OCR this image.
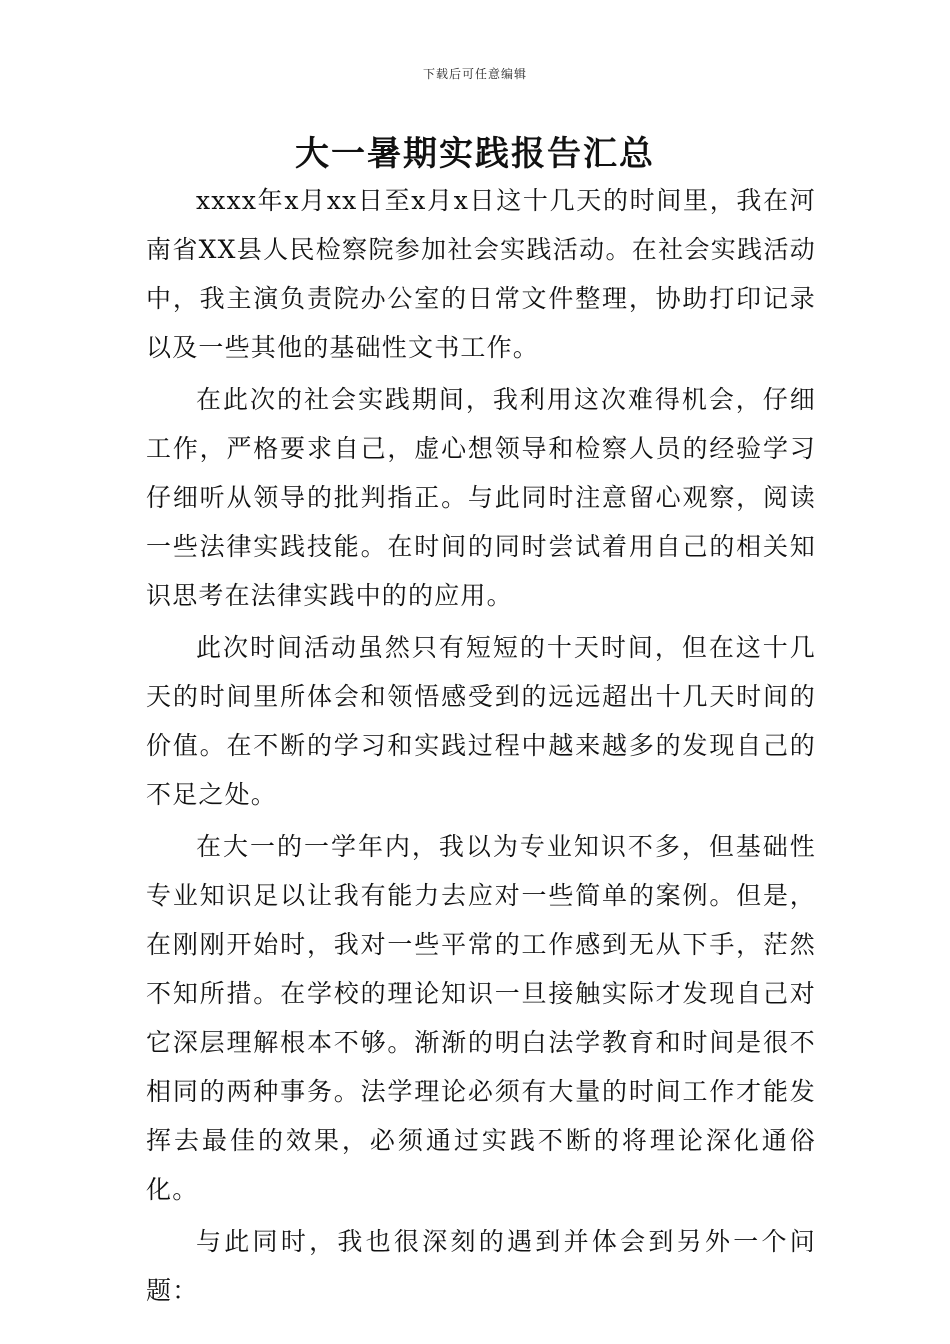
下载后可任意编辑
大一暑期实践报告汇总

xxxx年x月xx日至x月x日这十几天的时间里，我在河南省XX县人民检察院参加社会实践活动。在社会实践活动中，我主演负责院办公室的日常文件整理，协助打印记录以及一些其他的基础性文书工作。

在此次的社会实践期间，我利用这次难得机会，仔细工作，严格要求自己，虚心想领导和检察人员的经验学习仔细听从领导的批判指正。与此同时注意留心观察，阅读一些法律实践技能。在时间的同时尝试着用自己的相关知识思考在法律实践中的的应用。

此次时间活动虽然只有短短的十天时间，但在这十几天的时间里所体会和领悟感受到的远远超出十几天时间的价值。在不断的学习和实践过程中越来越多的发现自己的不足之处。

在大一的一学年内，我以为专业知识不多，但基础性专业知识足以让我有能力去应对一些简单的案例。但是，在刚刚开始时，我对一些平常的工作感到无从下手，茫然不知所措。在学校的理论知识一旦接触实际才发现自己对它深层理解根本不够。渐渐的明白法学教育和时间是很不相同的两种事务。法学理论必须有大量的时间工作才能发挥去最佳的效果，必须通过实践不断的将理论深化通俗化。

与此同时，我也很深刻的遇到并体会到另外一个问题：
